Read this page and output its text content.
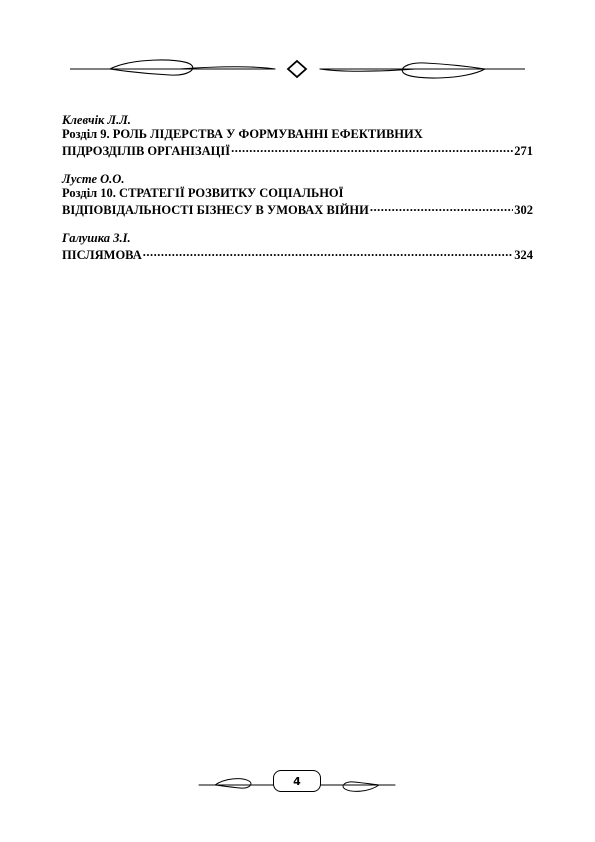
Клевчік Л.Л.
Розділ 9. РОЛЬ ЛІДЕРСТВА У ФОРМУВАННІ ЕФЕКТИВНИХ
ПІДРОЗДІЛІВ ОРГАНІЗАЦІЇ .....	271
Лусте О.О.
Розділ 10. СТРАТЕГІЇ РОЗВИТКУ СОЦІАЛЬНОЇ
ВІДПОВІДАЛЬНОСТІ БІЗНЕСУ В УМОВАХ ВІЙНИ .....	302
Галушка З.І.
ПІСЛЯМОВА .....	324
4
